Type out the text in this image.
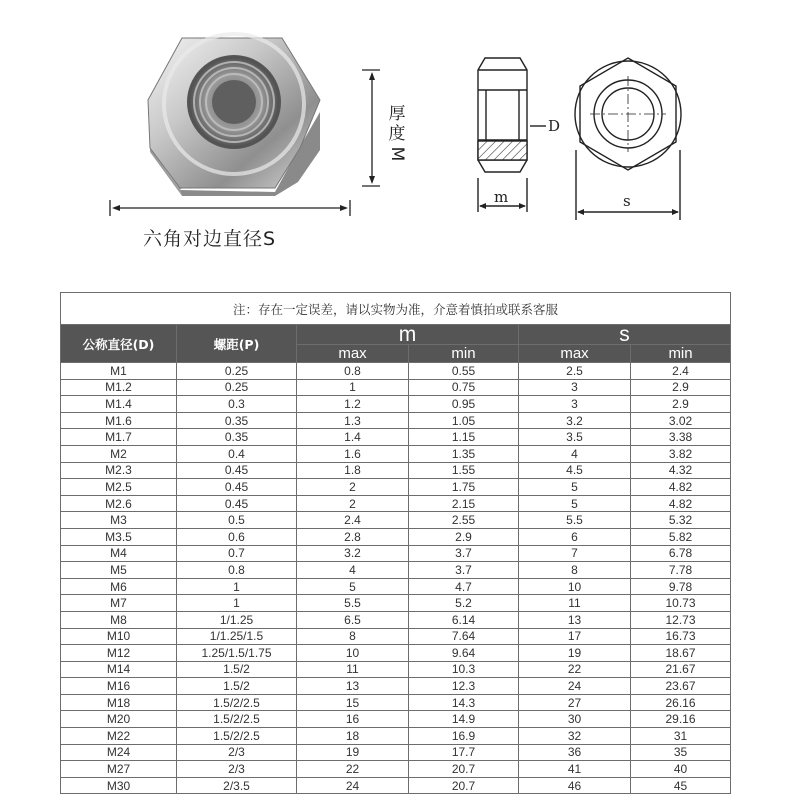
六角对边直径S
厚
度
M
D
m	s
注：存在一定误差，请以实物为准，介意着慎拍或联系客服					
公称直径(D)	螺距(P)	m		s	
		max	min	max	min
M1	0.25	0.8	0.55	2.5	2.4
M1.2	0.25	1	0.75	3	2.9
M1.4	0.3	1.2	0.95	3	2.9
M1.6	0.35	1.3	1.05	3.2	3.02
M1.7	0.35	1.4	1.15	3.5	3.38
M2	0.4	1.6	1.35	4	3.82
M2.3	0.45	1.8	1.55	4.5	4.32
M2.5	0.45	2	1.75	5	4.82
M2.6	0.45	2	2.15	5	4.82
M3	0.5	2.4	2.55	5.5	5.32
M3.5	0.6	2.8	2.9	6	5.82
M4	0.7	3.2	3.7	7	6.78
M5	0.8	4	3.7	8	7.78
M6	1	5	4.7	10	9.78
M7	1	5.5	5.2	11	10.73
M8	1/1.25	6.5	6.14	13	12.73
M10	1/1.25/1.5	8	7.64	17	16.73
M12	1.25/1.5/1.75	10	9.64	19	18.67
M14	1.5/2	11	10.3	22	21.67
M16	1.5/2	13	12.3	24	23.67
M18	1.5/2/2.5	15	14.3	27	26.16
M20	1.5/2/2.5	16	14.9	30	29.16
M22	1.5/2/2.5	18	16.9	32	31
M24	2/3	19	17.7	36	35
M27	2/3	22	20.7	41	40
M30	2/3.5	24	20.7	46	45
